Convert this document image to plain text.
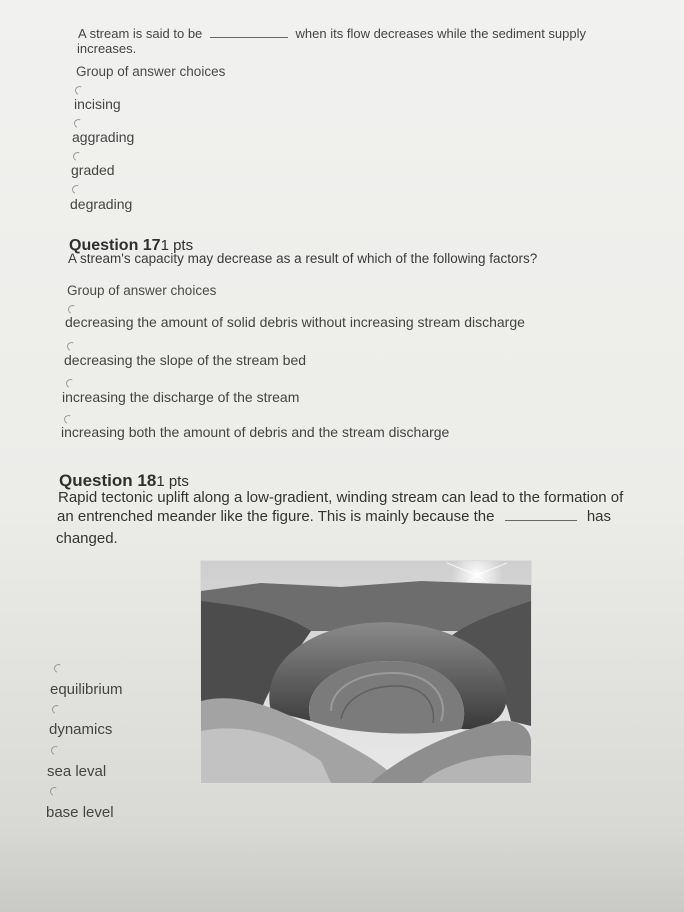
A stream is said to be	when its flow decreases while the sediment supply
increases.
Group of answer choices
incising
aggrading
graded
degrading
Question 171 pts
A stream's capacity may decrease as a result of which of the following factors?
Group of answer choices
decreasing the amount of solid debris without increasing stream discharge
decreasing the slope of the stream bed
increasing the discharge of the stream
increasing both the amount of debris and the stream discharge
Question 181 pts
Rapid tectonic uplift along a low-gradient, winding stream can lead to the formation of
an entrenched meander like the figure. This is mainly because the	has
changed.
equilibrium
dynamics
sea leval
base level
